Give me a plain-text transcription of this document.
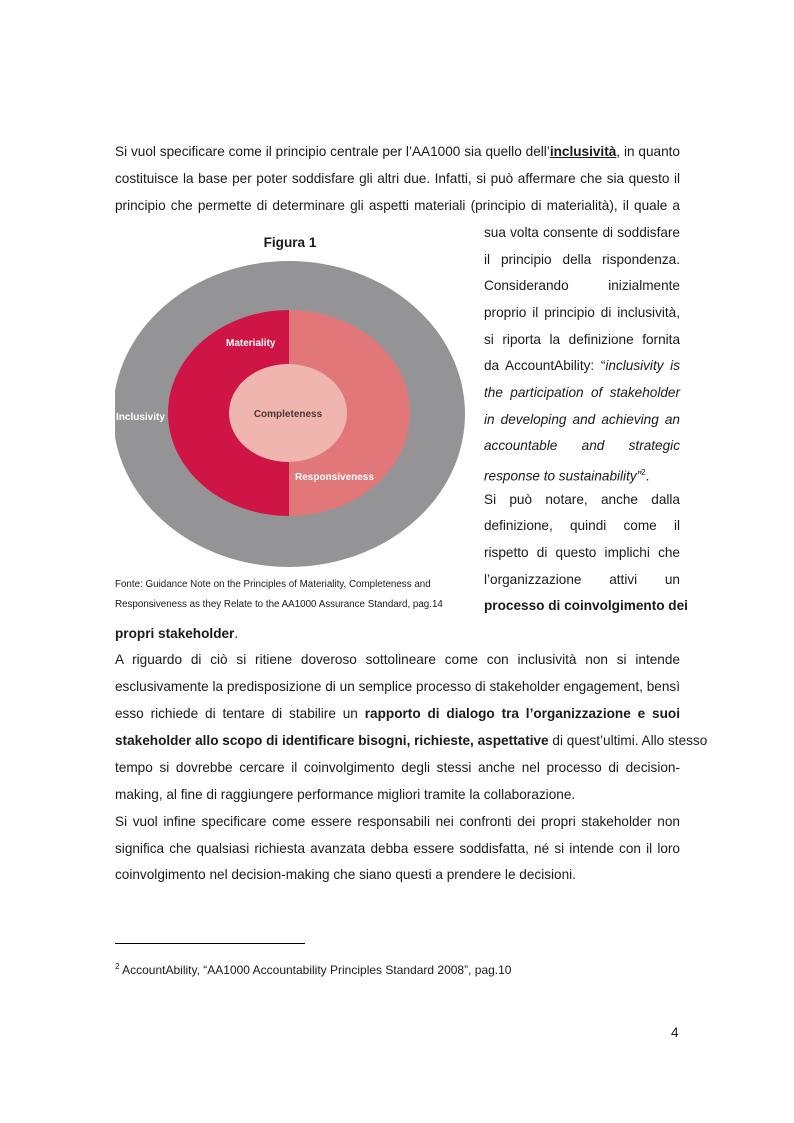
Si vuol specificare come il principio centrale per l’AA1000 sia quello dell’inclusività, in quanto
costituisce la base per poter soddisfare gli altri due. Infatti, si può affermare che sia questo il
principio che permette di determinare gli aspetti materiali (principio di materialità), il quale a
Figura 1
Inclusivity
Materiality
Completeness
Responsiveness
Fonte: Guidance Note on the Principles of Materiality, Completeness and
Responsiveness as they Relate to the AA1000 Assurance Standard, pag.14
sua volta consente di soddisfare
il principio della rispondenza.
Considerando inizialmente
proprio il principio di inclusività,
si riporta la definizione fornita
da AccountAbility: “inclusivity is
the participation of stakeholder
in developing and achieving an
accountable and strategic
response to sustainability”$^2$.
Si può notare, anche dalla
definizione, quindi come il
rispetto di questo implichi che
l’organizzazione attivi un
processo di coinvolgimento dei
propri stakeholder.
A riguardo di ciò si ritiene doveroso sottolineare come con inclusività non si intende
esclusivamente la predisposizione di un semplice processo di stakeholder engagement, bensì
esso richiede di tentare di stabilire un rapporto di dialogo tra l’organizzazione e suoi
stakeholder allo scopo di identificare bisogni, richieste, aspettative di quest’ultimi. Allo stesso
tempo si dovrebbe cercare il coinvolgimento degli stessi anche nel processo di decision-
making, al fine di raggiungere performance migliori tramite la collaborazione.
Si vuol infine specificare come essere responsabili nei confronti dei propri stakeholder non
significa che qualsiasi richiesta avanzata debba essere soddisfatta, né si intende con il loro
coinvolgimento nel decision-making che siano questi a prendere le decisioni.
$^2$ AccountAbility, “AA1000 Accountability Principles Standard 2008”, pag.10
4
